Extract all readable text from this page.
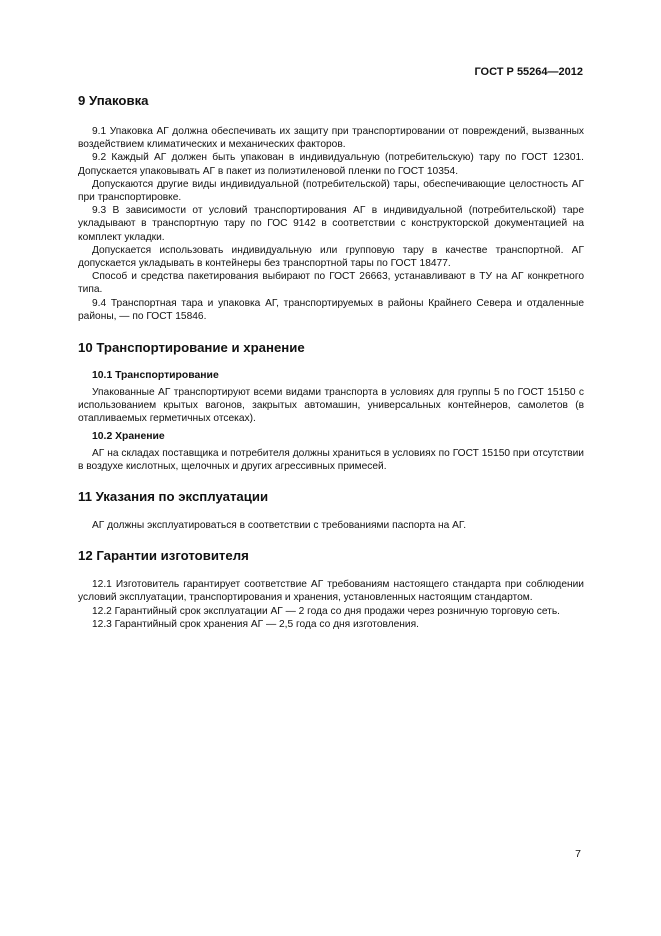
ГОСТ Р 55264—2012
9 Упаковка

9.1 Упаковка АГ должна обеспечивать их защиту при транспортировании от повреждений, вызванных воздействием климатических и механических факторов.

9.2 Каждый АГ должен быть упакован в индивидуальную (потребительскую) тару по ГОСТ 12301. Допускается упаковывать АГ в пакет из полиэтиленовой пленки по ГОСТ 10354.

Допускаются другие виды индивидуальной (потребительской) тары, обеспечивающие целостность АГ при транспортировке.

9.3 В зависимости от условий транспортирования АГ в индивидуальной (потребительской) таре укладывают в транспортную тару по ГОС 9142 в соответствии с конструкторской документацией на комплект укладки.

Допускается использовать индивидуальную или групповую тару в качестве транспортной. АГ допускается укладывать в контейнеры без транспортной тары по ГОСТ 18477.

Способ и средства пакетирования выбирают по ГОСТ 26663, устанавливают в ТУ на АГ конкретного типа.

9.4 Транспортная тара и упаковка АГ, транспортируемых в районы Крайнего Севера и отдаленные районы, — по ГОСТ 15846.

10 Транспортирование и хранение
10.1 Транспортирование

Упакованные АГ транспортируют всеми видами транспорта в условиях для группы 5 по ГОСТ 15150 с использованием крытых вагонов, закрытых автомашин, универсальных контейнеров, самолетов (в отапливаемых герметичных отсеках).

10.2 Хранение

АГ на складах поставщика и потребителя должны храниться в условиях по ГОСТ 15150 при отсутствии в воздухе кислотных, щелочных и других агрессивных примесей.

11 Указания по эксплуатации

АГ должны эксплуатироваться в соответствии с требованиями паспорта на АГ.

12 Гарантии изготовителя

12.1 Изготовитель гарантирует соответствие АГ требованиям настоящего стандарта при соблюдении условий эксплуатации, транспортирования и хранения, установленных настоящим стандартом.

12.2 Гарантийный срок эксплуатации АГ — 2 года со дня продажи через розничную торговую сеть.

12.3 Гарантийный срок хранения АГ — 2,5 года со дня изготовления.

7
